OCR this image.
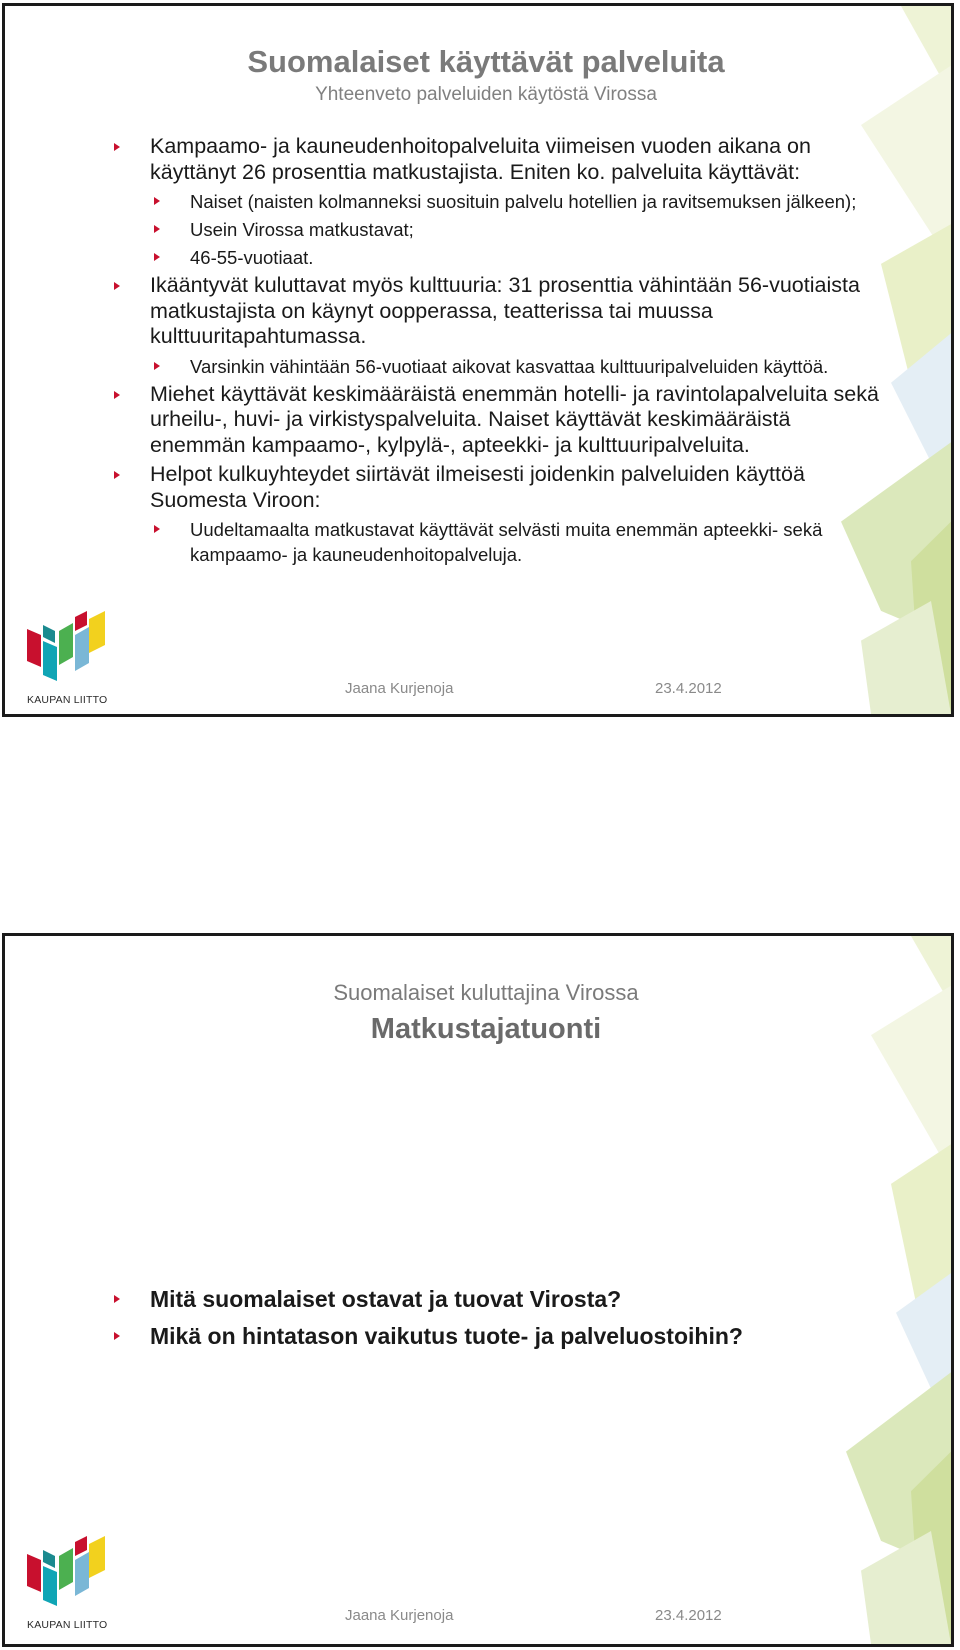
Suomalaiset käyttävät palveluita
Yhteenveto palveluiden käytöstä Virossa
Kampaamo- ja kauneudenhoitopalveluita viimeisen vuoden aikana on käyttänyt 26 prosenttia matkustajista. Eniten ko. palveluita käyttävät:
Naiset (naisten kolmanneksi suosituin palvelu hotellien ja ravitsemuksen jälkeen);
Usein Virossa matkustavat;
46-55-vuotiaat.
Ikääntyvät kuluttavat myös kulttuuria: 31 prosenttia vähintään 56-vuotiaista matkustajista on käynyt oopperassa, teatterissa tai muussa kulttuuritapahtumassa.
Varsinkin vähintään 56-vuotiaat aikovat kasvattaa kulttuuripalveluiden käyttöä.
Miehet käyttävät keskimääräistä enemmän hotelli- ja ravintolapalveluita sekä urheilu-, huvi- ja virkistyspalveluita. Naiset käyttävät keskimääräistä enemmän kampaamo-, kylpylä-, apteekki- ja kulttuuripalveluita.
Helpot kulkuyhteydet siirtävät ilmeisesti joidenkin palveluiden käyttöä Suomesta Viroon:
Uudeltamaalta matkustavat käyttävät selvästi muita enemmän apteekki- sekä kampaamo- ja kauneudenhoitopalveluja.
KAUPAN LIITTO
Jaana Kurjenoja	23.4.2012
Suomalaiset kuluttajina Virossa
Matkustajatuonti
Mitä suomalaiset ostavat ja tuovat Virosta?
Mikä on hintatason vaikutus tuote- ja palveluostoihin?
KAUPAN LIITTO
Jaana Kurjenoja	23.4.2012
